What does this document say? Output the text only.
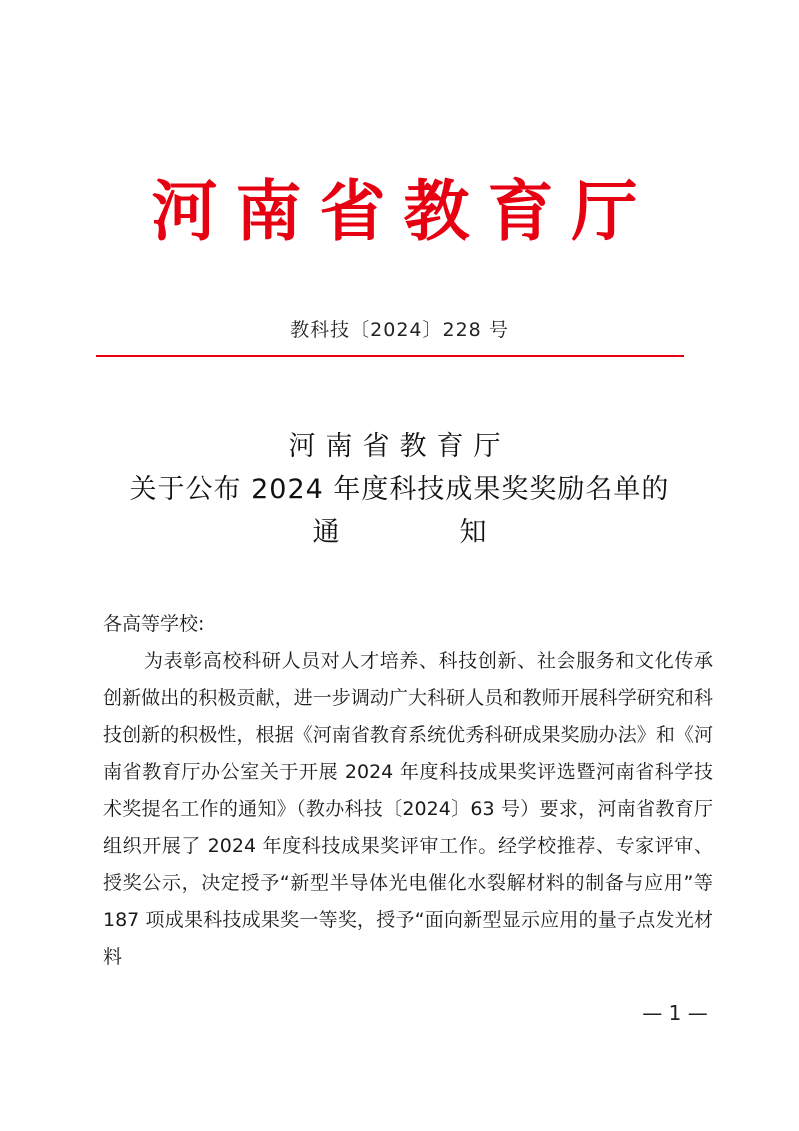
河南省教育厅
教科技〔2024〕228 号
河南省教育厅
关于公布 2024 年度科技成果奖奖励名单的
通知

各高等学校:

为表彰高校科研人员对人才培养、科技创新、社会服务和文化传承创新做出的积极贡献，进一步调动广大科研人员和教师开展科学研究和科技创新的积极性，根据《河南省教育系统优秀科研成果奖励办法》和《河南省教育厅办公室关于开展 2024 年度科技成果奖评选暨河南省科学技术奖提名工作的通知》（教办科技〔2024〕63 号）要求，河南省教育厅组织开展了 2024 年度科技成果奖评审工作。经学校推荐、专家评审、授奖公示，决定授予“新型半导体光电催化水裂解材料的制备与应用”等 187 项成果科技成果奖一等奖，授予“面向新型显示应用的量子点发光材料

— 1 —
